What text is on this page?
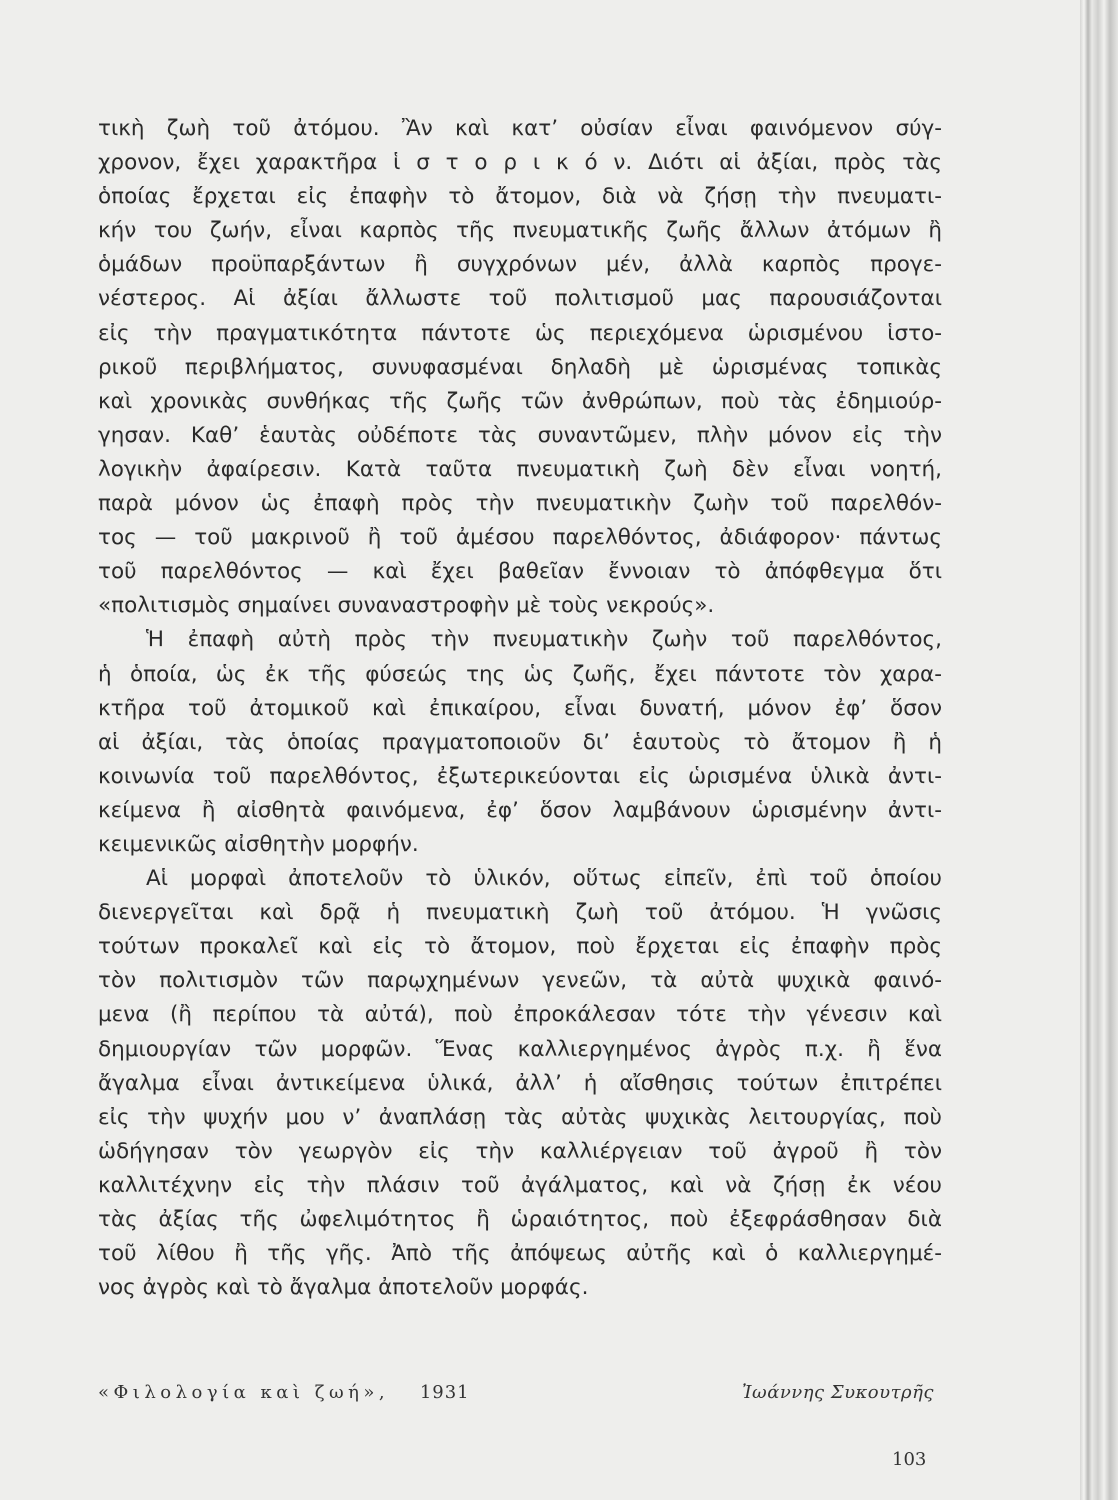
τικὴ ζωὴ τοῦ ἀτόμου. Ἂν καὶ κατ’ οὐσίαν εἶναι φαινόμενον σύγ-
χρονον, ἔχει χαρακτῆρα ἱ σ τ ο ρ ι κ ό ν. Διότι αἱ ἀξίαι, πρὸς τὰς
ὁποίας ἔρχεται εἰς ἐπαφὴν τὸ ἄτομον, διὰ νὰ ζήσῃ τὴν πνευματι-
κήν του ζωήν, εἶναι καρπὸς τῆς πνευματικῆς ζωῆς ἄλλων ἀτόμων ἢ
ὁμάδων προϋπαρξάντων ἢ συγχρόνων μέν, ἀλλὰ καρπὸς προγε-
νέστερος. Αἱ ἀξίαι ἄλλωστε τοῦ πολιτισμοῦ μας παρουσιάζονται
εἰς τὴν πραγματικότητα πάντοτε ὡς περιεχόμενα ὡρισμένου ἱστο-
ρικοῦ περιβλήματος, συνυφασμέναι δηλαδὴ μὲ ὡρισμένας τοπικὰς
καὶ χρονικὰς συνθήκας τῆς ζωῆς τῶν ἀνθρώπων, ποὺ τὰς ἐδημιούρ-
γησαν. Καθ’ ἑαυτὰς οὐδέποτε τὰς συναντῶμεν, πλὴν μόνον εἰς τὴν
λογικὴν ἀφαίρεσιν. Κατὰ ταῦτα πνευματικὴ ζωὴ δὲν εἶναι νοητή,
παρὰ μόνον ὡς ἐπαφὴ πρὸς τὴν πνευματικὴν ζωὴν τοῦ παρελθόν-
τος — τοῦ μακρινοῦ ἢ τοῦ ἀμέσου παρελθόντος, ἀδιάφορον· πάντως
τοῦ παρελθόντος — καὶ ἔχει βαθεῖαν ἔννοιαν τὸ ἀπόφθεγμα ὅτι
«πολιτισμὸς σημαίνει συναναστροφὴν μὲ τοὺς νεκρούς».
Ἡ ἐπαφὴ αὐτὴ πρὸς τὴν πνευματικὴν ζωὴν τοῦ παρελθόντος,
ἡ ὁποία, ὡς ἐκ τῆς φύσεώς της ὡς ζωῆς, ἔχει πάντοτε τὸν χαρα-
κτῆρα τοῦ ἀτομικοῦ καὶ ἐπικαίρου, εἶναι δυνατή, μόνον ἐφ’ ὅσον
αἱ ἀξίαι, τὰς ὁποίας πραγματοποιοῦν δι’ ἑαυτοὺς τὸ ἄτομον ἢ ἡ
κοινωνία τοῦ παρελθόντος, ἐξωτερικεύονται εἰς ὡρισμένα ὑλικὰ ἀντι-
κείμενα ἢ αἰσθητὰ φαινόμενα, ἐφ’ ὅσον λαμβάνουν ὡρισμένην ἀντι-
κειμενικῶς αἰσθητὴν μορφήν.
Αἱ μορφαὶ ἀποτελοῦν τὸ ὑλικόν, οὕτως εἰπεῖν, ἐπὶ τοῦ ὁποίου
διενεργεῖται καὶ δρᾷ ἡ πνευματικὴ ζωὴ τοῦ ἀτόμου. Ἡ γνῶσις
τούτων προκαλεῖ καὶ εἰς τὸ ἄτομον, ποὺ ἔρχεται εἰς ἐπαφὴν πρὸς
τὸν πολιτισμὸν τῶν παρῳχημένων γενεῶν, τὰ αὐτὰ ψυχικὰ φαινό-
μενα (ἢ περίπου τὰ αὐτά), ποὺ ἐπροκάλεσαν τότε τὴν γένεσιν καὶ
δημιουργίαν τῶν μορφῶν. Ἕνας καλλιεργημένος ἀγρὸς π.χ. ἢ ἕνα
ἄγαλμα εἶναι ἀντικείμενα ὑλικά, ἀλλ’ ἡ αἴσθησις τούτων ἐπιτρέπει
εἰς τὴν ψυχήν μου ν’ ἀναπλάσῃ τὰς αὐτὰς ψυχικὰς λειτουργίας, ποὺ
ὡδήγησαν τὸν γεωργὸν εἰς τὴν καλλιέργειαν τοῦ ἀγροῦ ἢ τὸν
καλλιτέχνην εἰς τὴν πλάσιν τοῦ ἀγάλματος, καὶ νὰ ζήσῃ ἐκ νέου
τὰς ἀξίας τῆς ὠφελιμότητος ἢ ὡραιότητος, ποὺ ἐξεφράσθησαν διὰ
τοῦ λίθου ἢ τῆς γῆς. Ἀπὸ τῆς ἀπόψεως αὐτῆς καὶ ὁ καλλιεργημέ-
νος ἀγρὸς καὶ τὸ ἄγαλμα ἀποτελοῦν μορφάς.
«Φιλολογία καὶ ζωή», 1931	Ἰωάννης Συκουτρῆς
103
